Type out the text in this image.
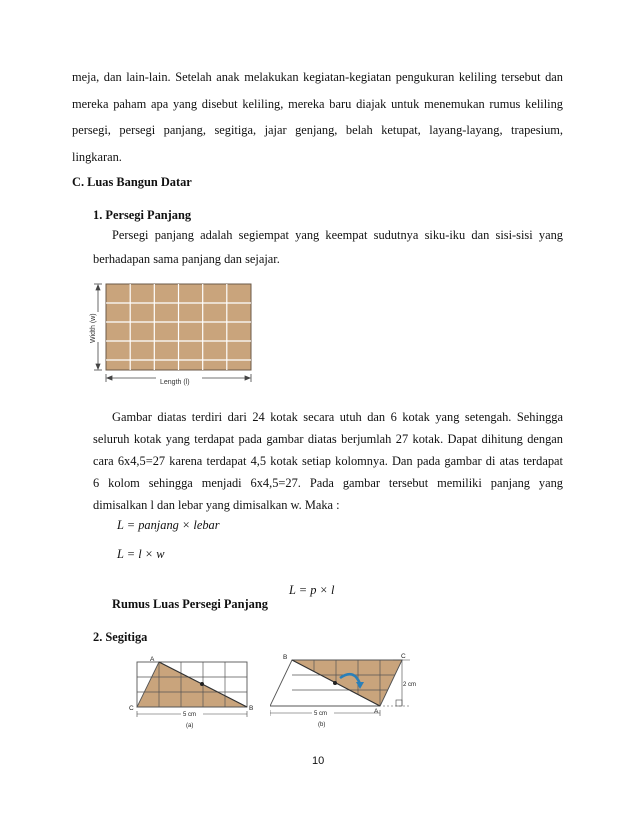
meja, dan lain-lain. Setelah anak melakukan kegiatan-kegiatan pengukuran keliling tersebut dan
mereka paham apa yang disebut keliling, mereka baru diajak untuk menemukan rumus keliling
persegi, persegi panjang, segitiga, jajar genjang, belah ketupat, layang-layang, trapesium,
lingkaran.
C. Luas Bangun Datar
1. Persegi Panjang
Persegi panjang adalah segiempat yang keempat sudutnya siku-iku dan sisi-sisi yang
berhadapan sama panjang dan sejajar.
Width (w)
Length (l)
Gambar diatas terdiri dari 24 kotak secara utuh dan 6 kotak yang setengah. Sehingga
seluruh kotak yang terdapat pada gambar diatas berjumlah 27 kotak. Dapat dihitung dengan
cara 6x4,5=27 karena terdapat 4,5 kotak setiap kolomnya. Dan pada gambar di atas terdapat
6 kolom sehingga menjadi 6x4,5=27. Pada gambar tersebut memiliki panjang yang
dimisalkan l dan lebar yang dimisalkan w. Maka :
L = panjang × lebar
L = l × w
Rumus Luas Persegi Panjang
L = p × l
2. Segitiga
A
C	B
5 cm
(a)
B	C
A
2 cm
5 cm
(b)
10
